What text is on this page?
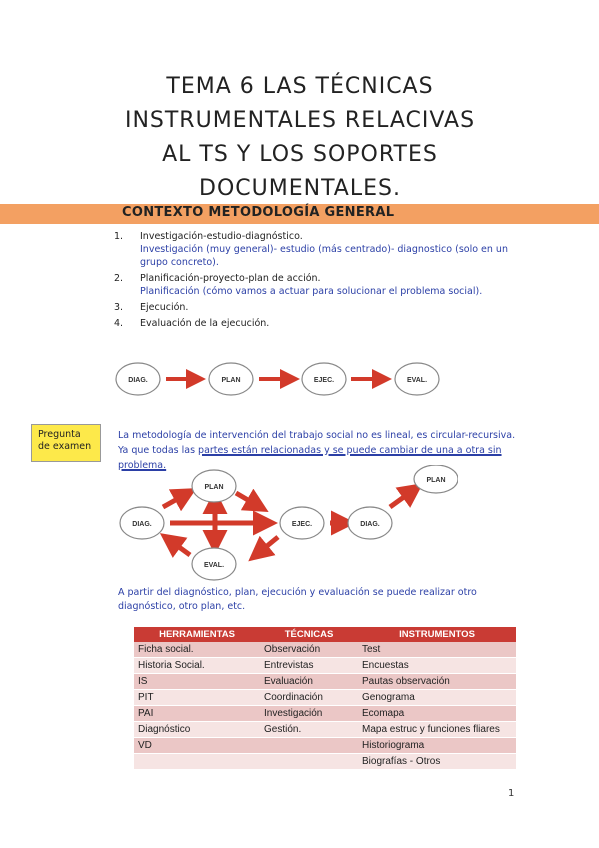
TEMA 6 LAS TÉCNICAS
INSTRUMENTALES RELACIVAS
AL TS Y LOS SOPORTES
DOCUMENTALES.
CONTEXTO METODOLOGÍA GENERAL
1. Investigación-estudio-diagnóstico.
Investigación (muy general)- estudio (más centrado)- diagnostico (solo en un grupo concreto).
2. Planificación-proyecto-plan de acción.
Planificación (cómo vamos a actuar para solucionar el problema social).
3. Ejecución.
4. Evaluación de la ejecución.
DIAG.	PLAN	EJEC.	EVAL.
Pregunta de examen
La metodología de intervención del trabajo social no es lineal, es circular-recursiva. Ya que todas las partes están relacionadas y se puede cambiar de una a otra sin problema.
DIAG.
PLAN
EJEC.
EVAL.
DIAG.
PLAN
A partir del diagnóstico, plan, ejecución y evaluación se puede realizar otro diagnóstico, otro plan, etc.
HERRAMIENTAS	TÉCNICAS	INSTRUMENTOS
Ficha social.	Observación	Test
Historia Social.	Entrevistas	Encuestas
IS	Evaluación	Pautas observación
PIT	Coordinación	Genograma
PAI	Investigación	Ecomapa
Diagnóstico	Gestión.	Mapa estruc y funciones fliares
VD		Historiograma
		Biografías - Otros
1
